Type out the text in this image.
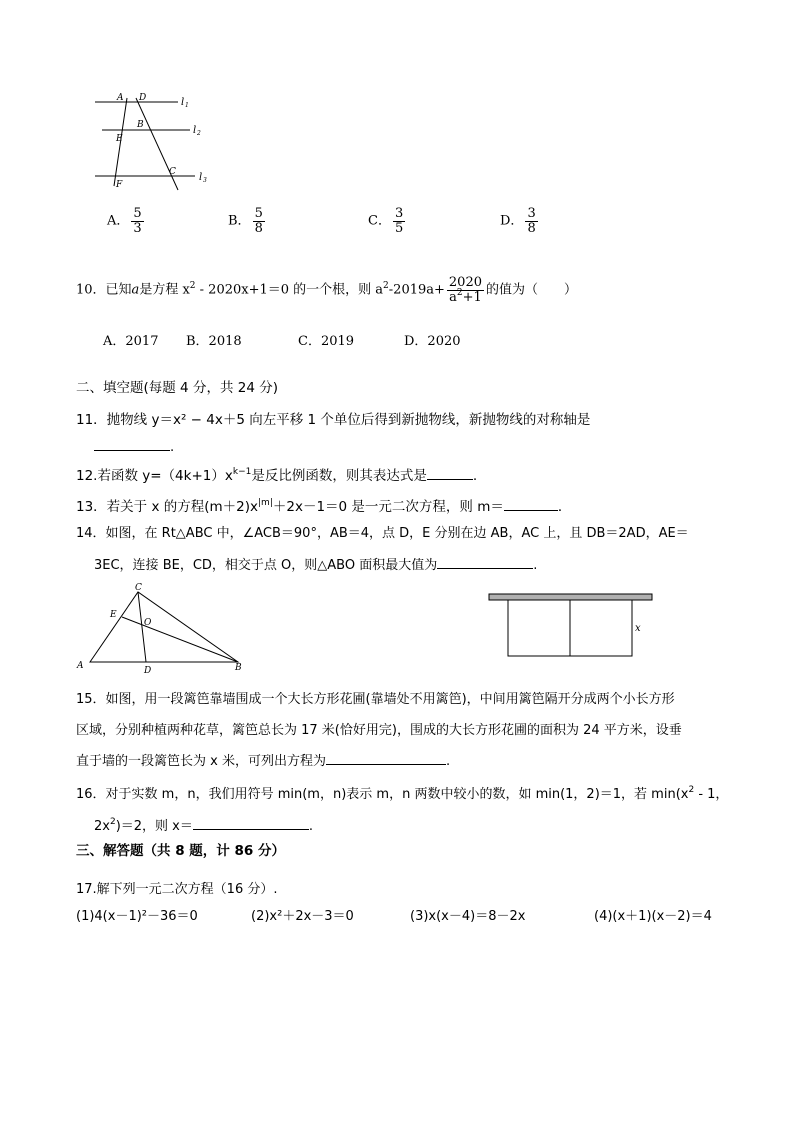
A D	l 1
B
E
l 2
C l 3
F
A． $\frac{5}{3}$	B． $\frac{5}{8}$	C． $\frac{3}{5}$	D． $\frac{3}{8}$
10．已知a是方程 $x^2 - 2020x+1=0$ 的一个根，则 $a^2-2019a+ \frac{2020}{a^2+1}$ 的值为（　　）
A．2017 B．2018	C．2019	D．2020
二、填空题(每题 4 分，共 24 分)
11．抛物线 y＝x² − 4x＋5 向左平移 1 个单位后得到新抛物线，新抛物线的对称轴是
.
12.若函数 $y=(4k+1)x^{k-1}$是反比例函数，则其表达式是	.
13．若关于 x 的方程$(m+2)x^{|m|}+2x-1=0$ 是一元二次方程，则 m＝	．
14．如图，在 Rt△ABC 中，∠ACB＝90°，AB＝4，点 D，E 分别在边 AB，AC 上，且 DB＝2AD，AE＝
3EC，连接 BE，CD，相交于点 O，则△ABO 面积最大值为	.
C
E
O
A	D	B
x
15．如图，用一段篱笆靠墙围成一个大长方形花圃(靠墙处不用篱笆)，中间用篱笆隔开分成两个小长方形
区域，分别种植两种花草，篱笆总长为 17 米(恰好用完)，围成的大长方形花圃的面积为 24 平方米，设垂
直于墙的一段篱笆长为 x 米，可列出方程为	.
16．对于实数 m，n，我们用符号 min(m，n)表示 m，n 两数中较小的数，如 min(1，2)＝1，若 $\min(x^2 - 1$，
$2x^2)=2$，则 x＝	.
三、解答题（共 8 题，计 86 分）
17.解下列一元二次方程（16 分）.
(1)4(x－1)²－36＝0	(2)x²＋2x－3＝0	(3)x(x－4)＝8－2x	(4)(x＋1)(x－2)＝4
